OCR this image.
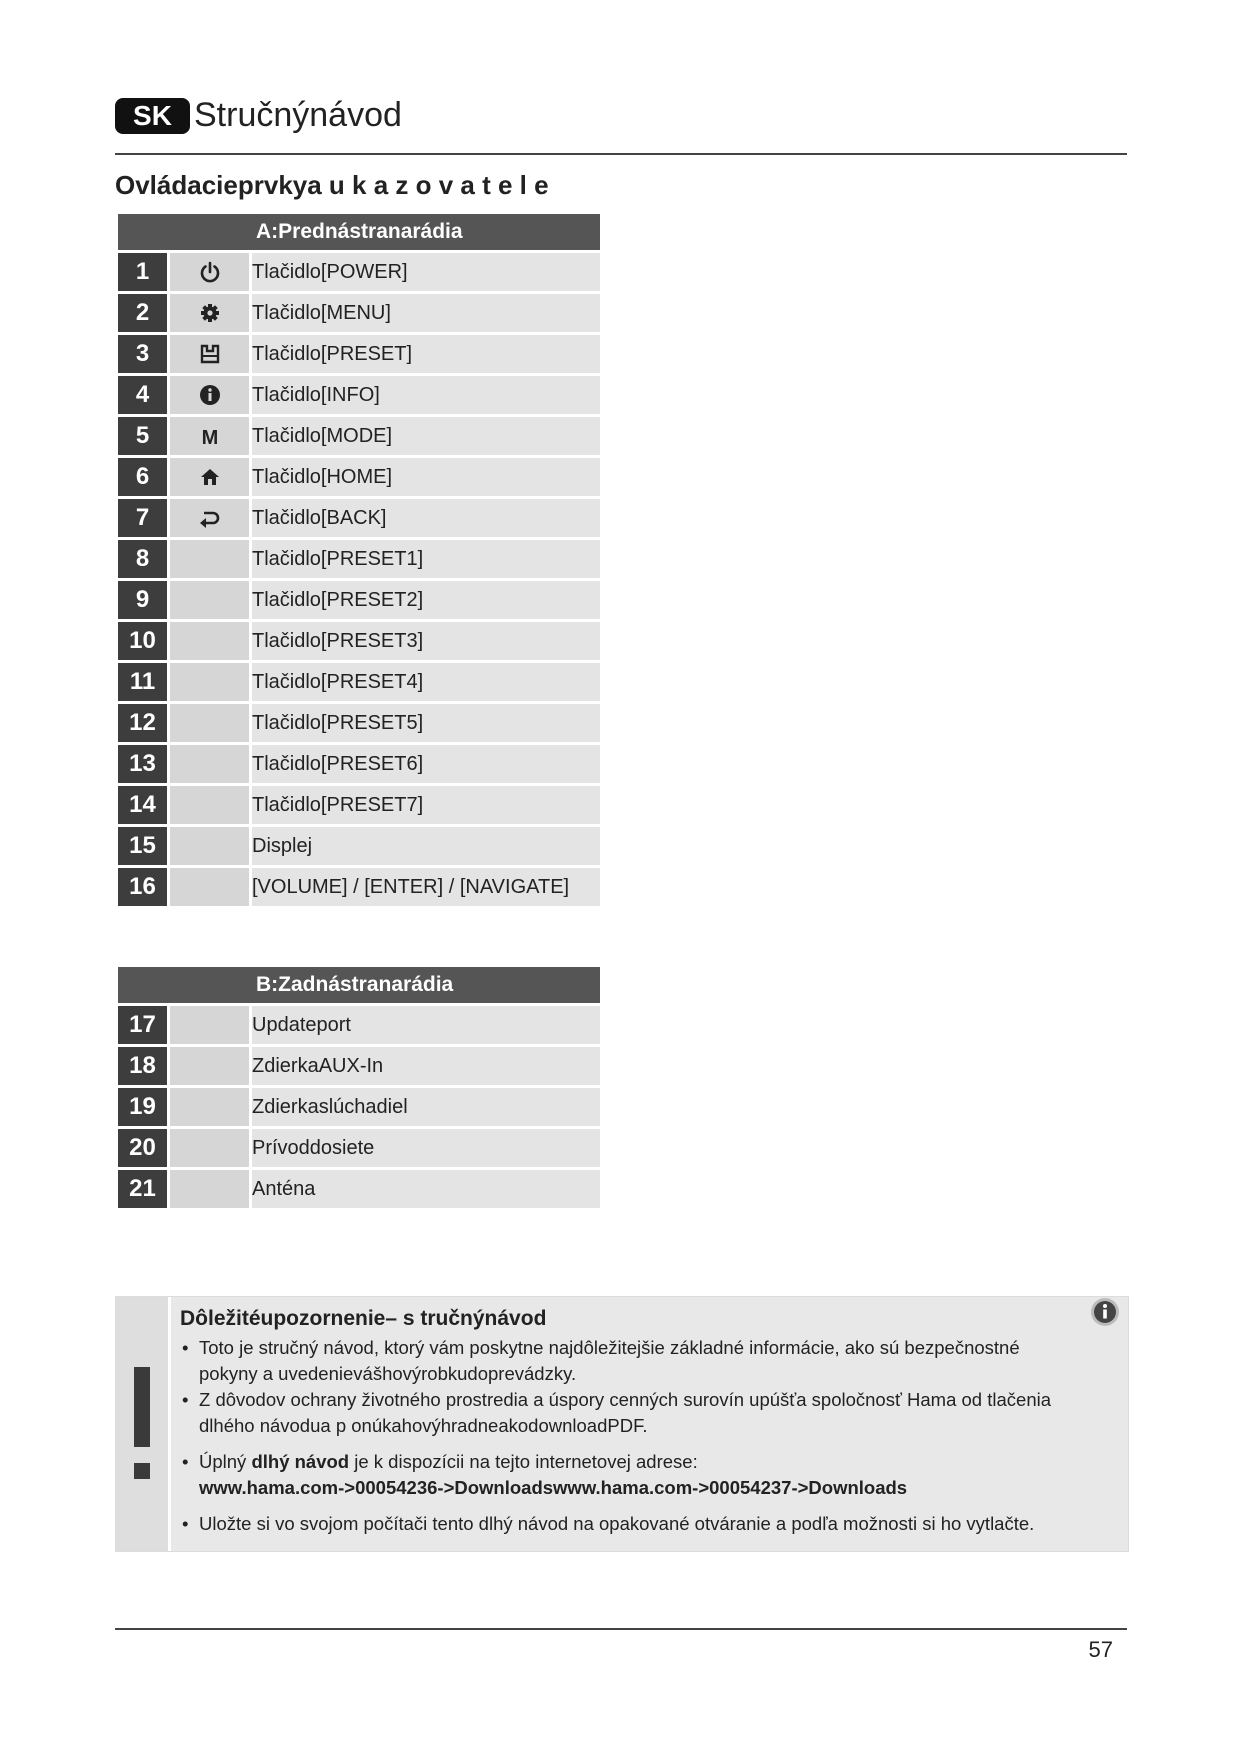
SK Stručnýnávod
Ovládacieprvkya u k a z o v a t e l e
A:Prednástranarádia		
1		Tlačidlo[POWER]
2		Tlačidlo[MENU]
3		Tlačidlo[PRESET]
4		Tlačidlo[INFO]
5	M	Tlačidlo[MODE]
6		Tlačidlo[HOME]
7		Tlačidlo[BACK]
8		Tlačidlo[PRESET1]
9		Tlačidlo[PRESET2]
10		Tlačidlo[PRESET3]
11		Tlačidlo[PRESET4]
12		Tlačidlo[PRESET5]
13		Tlačidlo[PRESET6]
14		Tlačidlo[PRESET7]
15		Displej
16		[VOLUME] / [ENTER] / [NAVIGATE]
B:Zadnástranarádia		
17		Updateport
18		ZdierkaAUX-In
19		Zdierkaslúchadiel
20		Prívoddosiete
21		Anténa
Dôležitéupozornenie– s tručnýnávod
• Toto je stručný návod, ktorý vám poskytne najdôležitejšie základné informácie, ako sú bezpečnostné pokyny a uvedenievášhovýrobkudoprevádzky.
• Z dôvodov ochrany životného prostredia a úspory cenných surovín upúšťa spoločnosť Hama od tlačenia dlhého návodua p onúkahovýhradneakodownloadPDF.
• Úplný dlhý návod je k dispozícii na tejto internetovej adrese:
www.hama.com->00054236->Downloadswww.hama.com->00054237->Downloads
• Uložte si vo svojom počítači tento dlhý návod na opakované otváranie a podľa možnosti si ho vytlačte.
57
